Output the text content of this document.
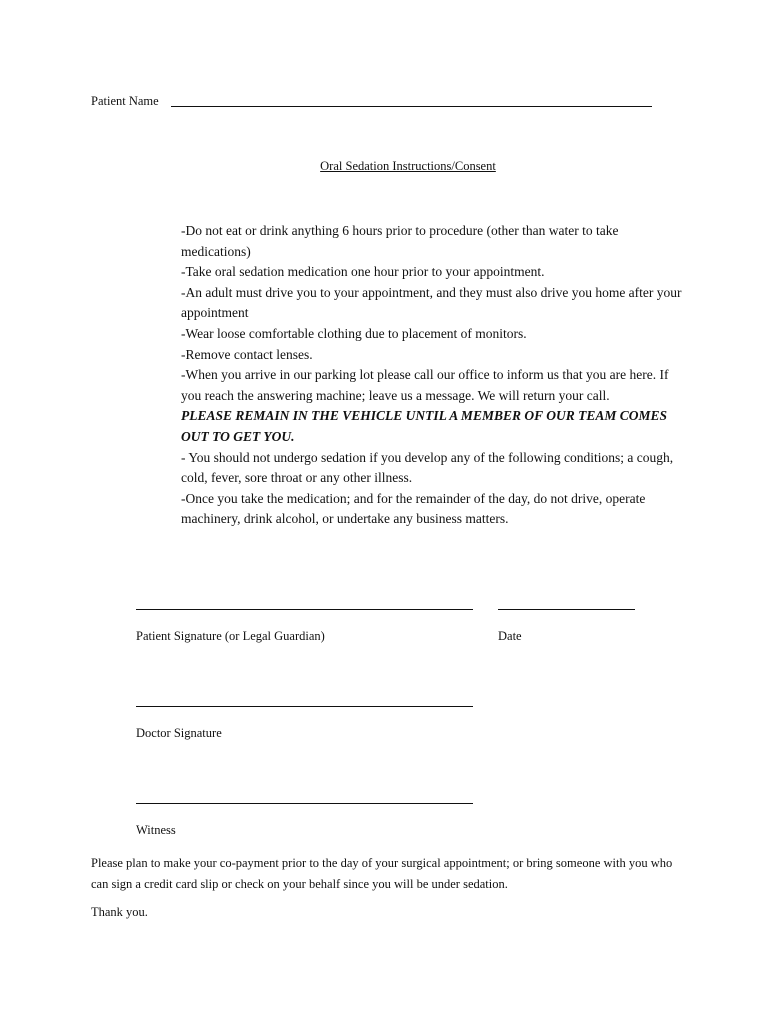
Patient Name
Oral Sedation Instructions/Consent

-Do not eat or drink anything 6 hours prior to procedure (other than water to take medications)

-Take oral sedation medication one hour prior to your appointment.

-An adult must drive you to your appointment, and they must also drive you home after your appointment

-Wear loose comfortable clothing due to placement of monitors.

-Remove contact lenses.

-When you arrive in our parking lot please call our office to inform us that you are here. If you reach the answering machine; leave us a message. We will return your call.

PLEASE REMAIN IN THE VEHICLE UNTIL A MEMBER OF OUR TEAM COMES OUT TO GET YOU.

- You should not undergo sedation if you develop any of the following conditions; a cough, cold, fever, sore throat or any other illness.

-Once you take the medication; and for the remainder of the day, do not drive, operate machinery, drink alcohol, or undertake any business matters.

Patient Signature (or Legal Guardian)	Date
Doctor Signature
Witness

Please plan to make your co-payment prior to the day of your surgical appointment; or bring someone with you who can sign a credit card slip or check on your behalf since you will be under sedation.

Thank you.
